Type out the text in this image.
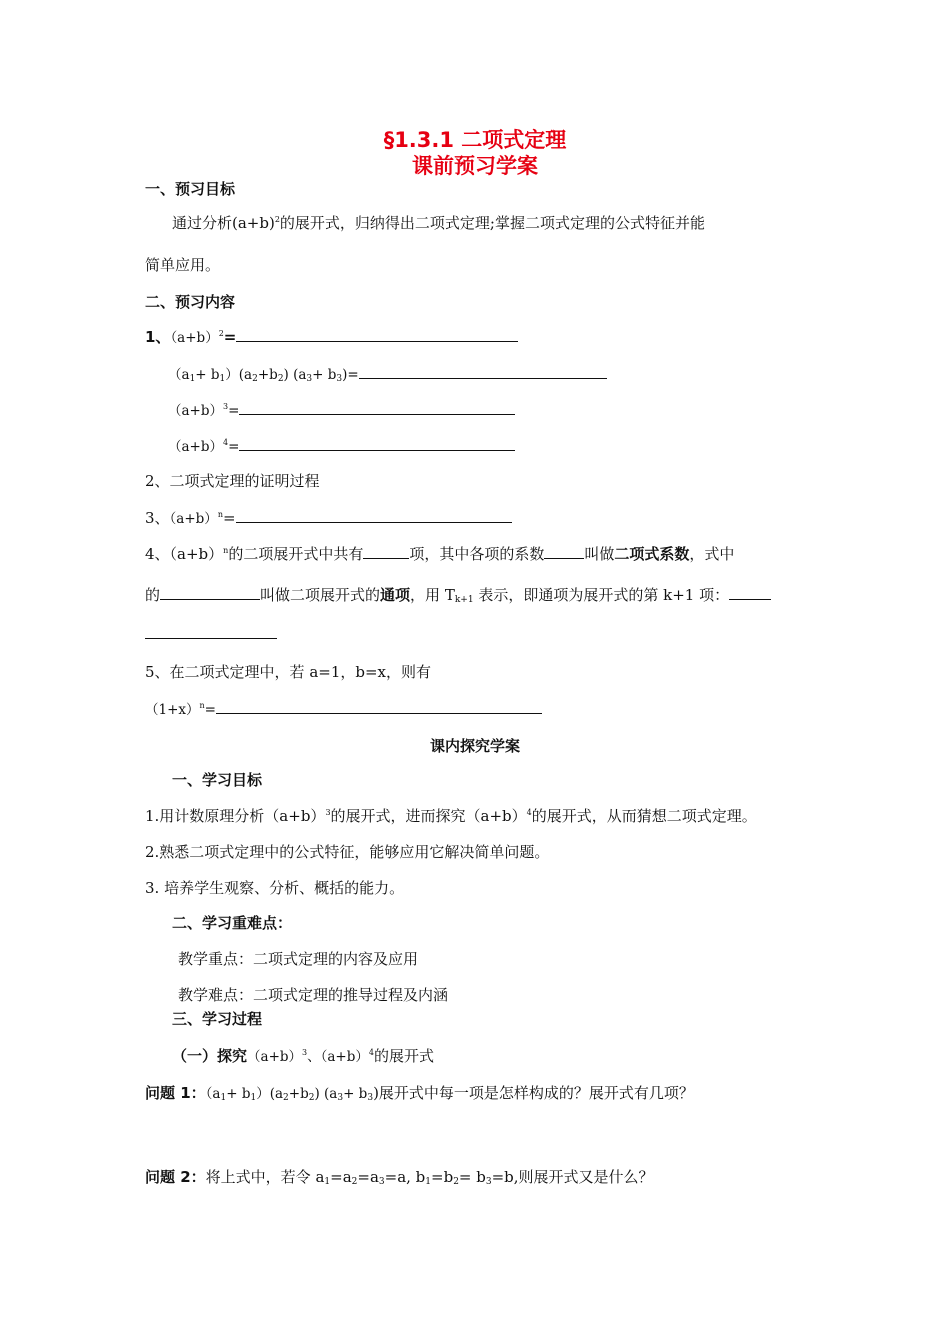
§1.3.1 二项式定理
课前预习学案
一、预习目标
通过分析$(a+b)^2$的展开式，归纳得出二项式定理;掌握二项式定理的公式特征并能
简单应用。
二、预习内容
1、$(a+b)^2=$
$(a_1+ b_1)(a_2+b_2)$ $(a_3+ b_3)=$
$(a+b)^3=$
$(a+b)^4=$
2、二项式定理的证明过程
3、$(a+b)^n=$
4、$(a+b)^n$的二项展开式中共有	项，其中各项的系数	叫做二项式系数，式中
的	叫做二项展开式的通项，用 $T_{k+1}$ 表示，即通项为展开式的第 k+1 项：
5、在二项式定理中，若 a=1，b=x，则有
$(1+x)^n=$
课内探究学案
一、学习目标
1.用计数原理分析$(a+b)^3$的展开式，进而探究$(a+b)^4$的展开式，从而猜想二项式定理。
2.熟悉二项式定理中的公式特征，能够应用它解决简单问题。
3. 培养学生观察、分析、概括的能力。
二、学习重难点：
教学重点：二项式定理的内容及应用
教学难点：二项式定理的推导过程及内涵
三、学习过程
（一）探究$(a+b)^3$、$(a+b)^4$的展开式
问题 1：$(a_1+ b_1)(a_2+b_2)$ $(a_3+ b_3)$展开式中每一项是怎样构成的？展开式有几项？
问题 2：将上式中，若令 $a_1=a_2=a_3=a$, $b_1=b_2= b_3=b$,则展开式又是什么？
